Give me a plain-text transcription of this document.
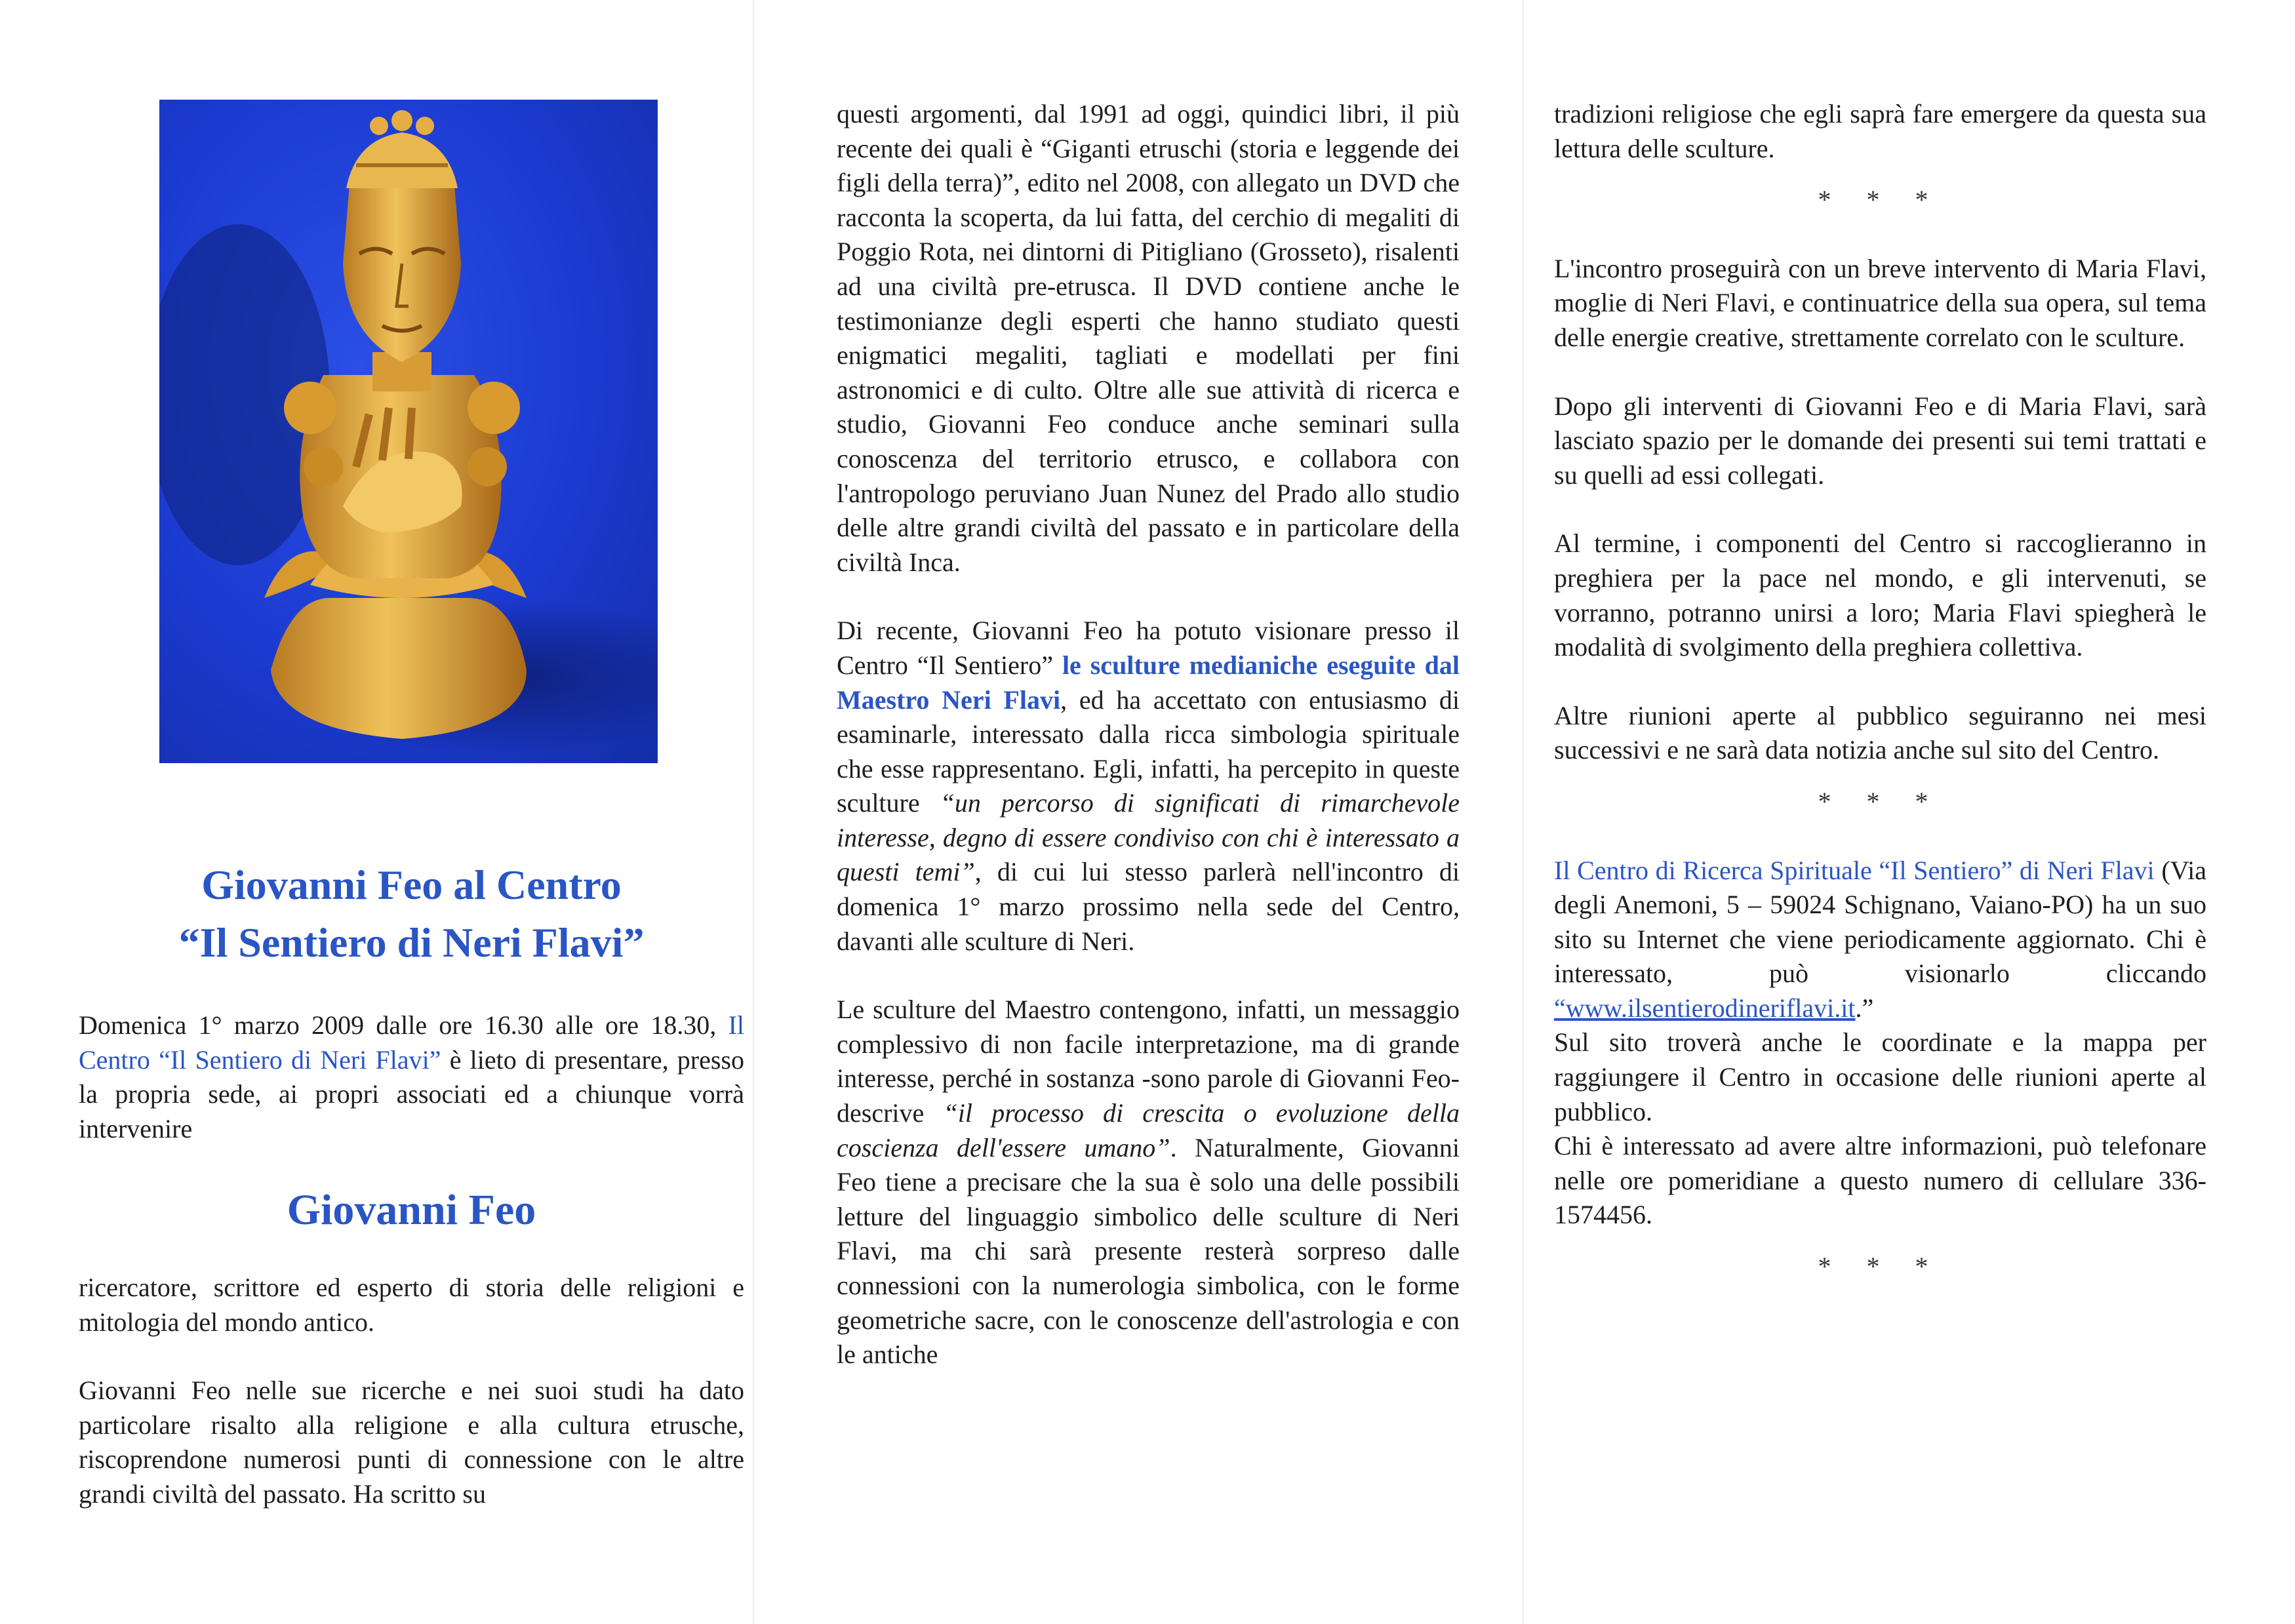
Giovanni Feo al Centro
“Il Sentiero di Neri Flavi”

Domenica 1° marzo 2009 dalle ore 16.30 alle ore 18.30, Il Centro “Il Sentiero di Neri Flavi” è lieto di presentare, presso la propria sede, ai propri associati ed a chiunque vorrà intervenire

Giovanni Feo

ricercatore, scrittore ed esperto di storia delle religioni e mitologia del mondo antico.

Giovanni Feo nelle sue ricerche e nei suoi studi ha dato particolare risalto alla religione e alla cultura etrusche, riscoprendone numerosi punti di connessione con le altre grandi civiltà del passato. Ha scritto su

questi argomenti, dal 1991 ad oggi, quindici libri, il più recente dei quali è “Giganti etruschi (storia e leggende dei figli della terra)”, edito nel 2008, con allegato un DVD che racconta la scoperta, da lui fatta, del cerchio di megaliti di Poggio Rota, nei dintorni di Pitigliano (Grosseto), risalenti ad una civiltà pre-etrusca. Il DVD contiene anche le testimonianze degli esperti che hanno studiato questi enigmatici megaliti, tagliati e modellati per fini astronomici e di culto. Oltre alle sue attività di ricerca e studio, Giovanni Feo conduce anche seminari sulla conoscenza del territorio etrusco, e collabora con l'antropologo peruviano Juan Nunez del Prado allo studio delle altre grandi civiltà del passato e in particolare della civiltà Inca.

Di recente, Giovanni Feo ha potuto visionare presso il Centro “Il Sentiero” le sculture medianiche eseguite dal Maestro Neri Flavi, ed ha accettato con entusiasmo di esaminarle, interessato dalla ricca simbologia spirituale che esse rappresentano. Egli, infatti, ha percepito in queste sculture “un percorso di significati di rimarchevole interesse, degno di essere condiviso con chi è interessato a questi temi”, di cui lui stesso parlerà nell'incontro di domenica 1° marzo prossimo nella sede del Centro, davanti alle sculture di Neri.

Le sculture del Maestro contengono, infatti, un messaggio complessivo di non facile interpretazione, ma di grande interesse, perché in sostanza -sono parole di Giovanni Feo- descrive “il processo di crescita o evoluzione della coscienza dell'essere umano”. Naturalmente, Giovanni Feo tiene a precisare che la sua è solo una delle possibili letture del linguaggio simbolico delle sculture di Neri Flavi, ma chi sarà presente resterà sorpreso dalle connessioni con la numerologia simbolica, con le forme geometriche sacre, con le conoscenze dell'astrologia e con le antiche

tradizioni religiose che egli saprà fare emergere da questa sua lettura delle sculture.

* * *

L'incontro proseguirà con un breve intervento di Maria Flavi, moglie di Neri Flavi, e continuatrice della sua opera, sul tema delle energie creative, strettamente correlato con le sculture.

Dopo gli interventi di Giovanni Feo e di Maria Flavi, sarà lasciato spazio per le domande dei presenti sui temi trattati e su quelli ad essi collegati.

Al termine, i componenti del Centro si raccoglieranno in preghiera per la pace nel mondo, e gli intervenuti, se vorranno, potranno unirsi a loro; Maria Flavi spiegherà le modalità di svolgimento della preghiera collettiva.

Altre riunioni aperte al pubblico seguiranno nei mesi successivi e ne sarà data notizia anche sul sito del Centro.

* * *

Il Centro di Ricerca Spirituale “Il Sentiero” di Neri Flavi (Via degli Anemoni, 5 – 59024 Schignano, Vaiano-PO) ha un suo sito su Internet che viene periodicamente aggiornato. Chi è interessato, può visionarlo cliccando “www.ilsentierodineriflavi.it.”

Sul sito troverà anche le coordinate e la mappa per raggiungere il Centro in occasione delle riunioni aperte al pubblico.

Chi è interessato ad avere altre informazioni, può telefonare nelle ore pomeridiane a questo numero di cellulare 336-1574456.

* * *
